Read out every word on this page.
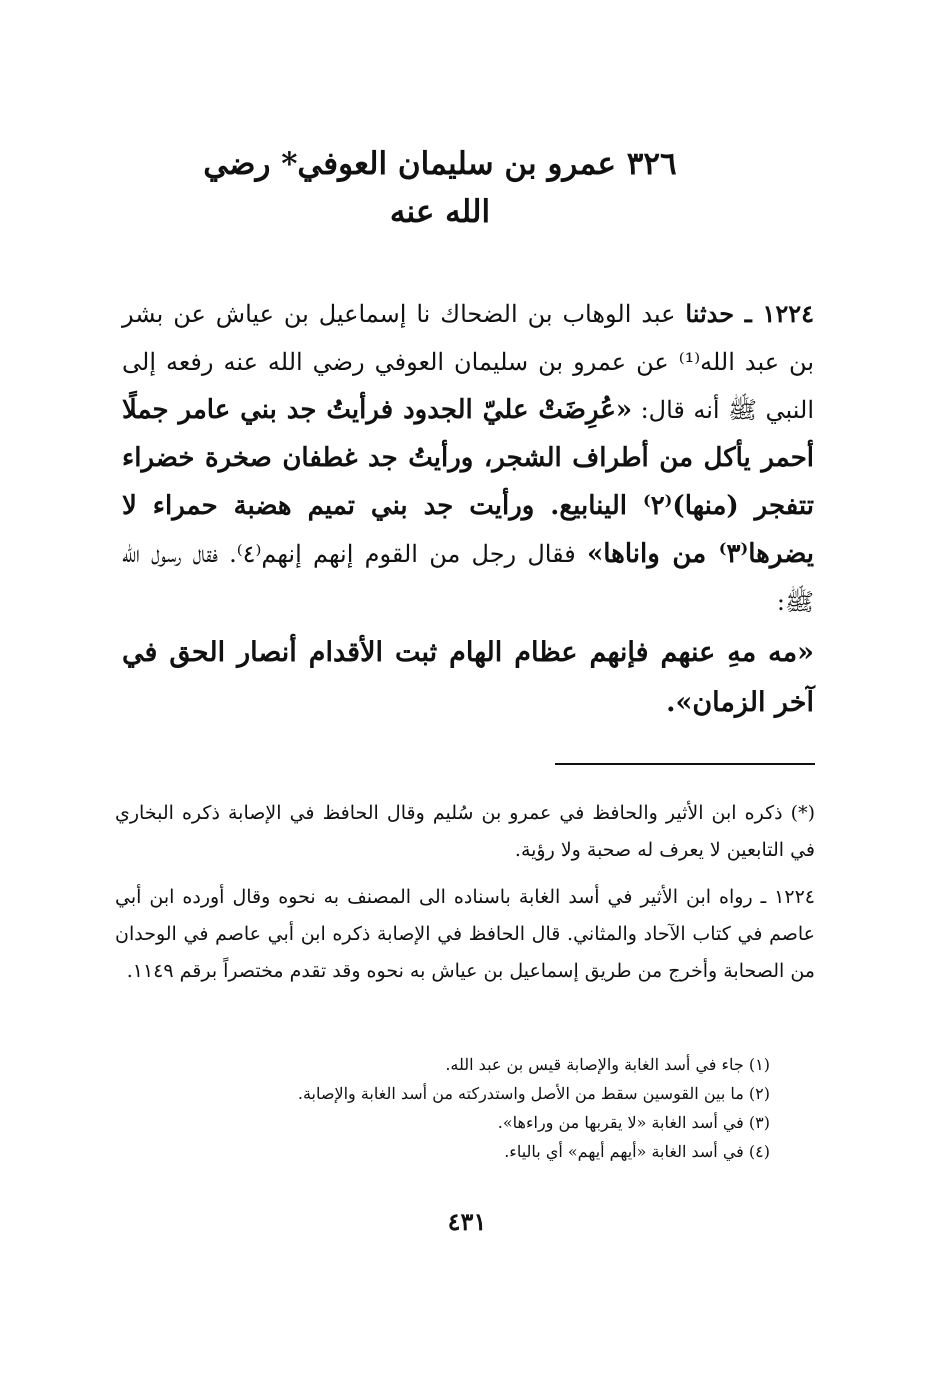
٣٢٦ عمرو بن سليمان العوفي* رضي الله عنه
١٢٢٤ ـ حدثنا عبد الوهاب بن الضحاك نا إسماعيل بن عياش عن بشر بن عبد الله⁽¹⁾ عن عمرو بن سليمان العوفي رضي الله عنه رفعه إلى النبي ﷺ أنه قال: «عُرِضَتْ عليّ الجدود فرأيتُ جد بني عامر جملًا أحمر يأكل من أطراف الشجر، ورأيتُ جد غطفان صخرة خضراء تتفجر (منها)⁽٢⁾ الينابيع. ورأيت جد بني تميم هضبة حمراء لا يضرها⁽٣⁾ من واناها» فقال رجل من القوم إنهم إنهم⁽٤⁾. فقال رسول الله ﷺ:
«مه مهِ عنهم فإنهم عظام الهام ثبت الأقدام أنصار الحق في آخر الزمان».

(*) ذكره ابن الأثير والحافظ في عمرو بن سُليم وقال الحافظ في الإصابة ذكره البخاري في التابعين لا يعرف له صحبة ولا رؤية.

١٢٢٤ ـ رواه ابن الأثير في أسد الغابة باسناده الى المصنف به نحوه وقال أورده ابن أبي عاصم في كتاب الآحاد والمثاني. قال الحافظ في الإصابة ذكره ابن أبي عاصم في الوحدان من الصحابة وأخرج من طريق إسماعيل بن عياش به نحوه وقد تقدم مختصراً برقم ١١٤٩.

(١) جاء في أسد الغابة والإصابة قيس بن عبد الله.
(٢) ما بين القوسين سقط من الأصل واستدركته من أسد الغابة والإصابة.
(٣) في أسد الغابة «لا يقربها من وراءها».
(٤) في أسد الغابة «أيهم أيهم» أي بالياء.
٤٣١
